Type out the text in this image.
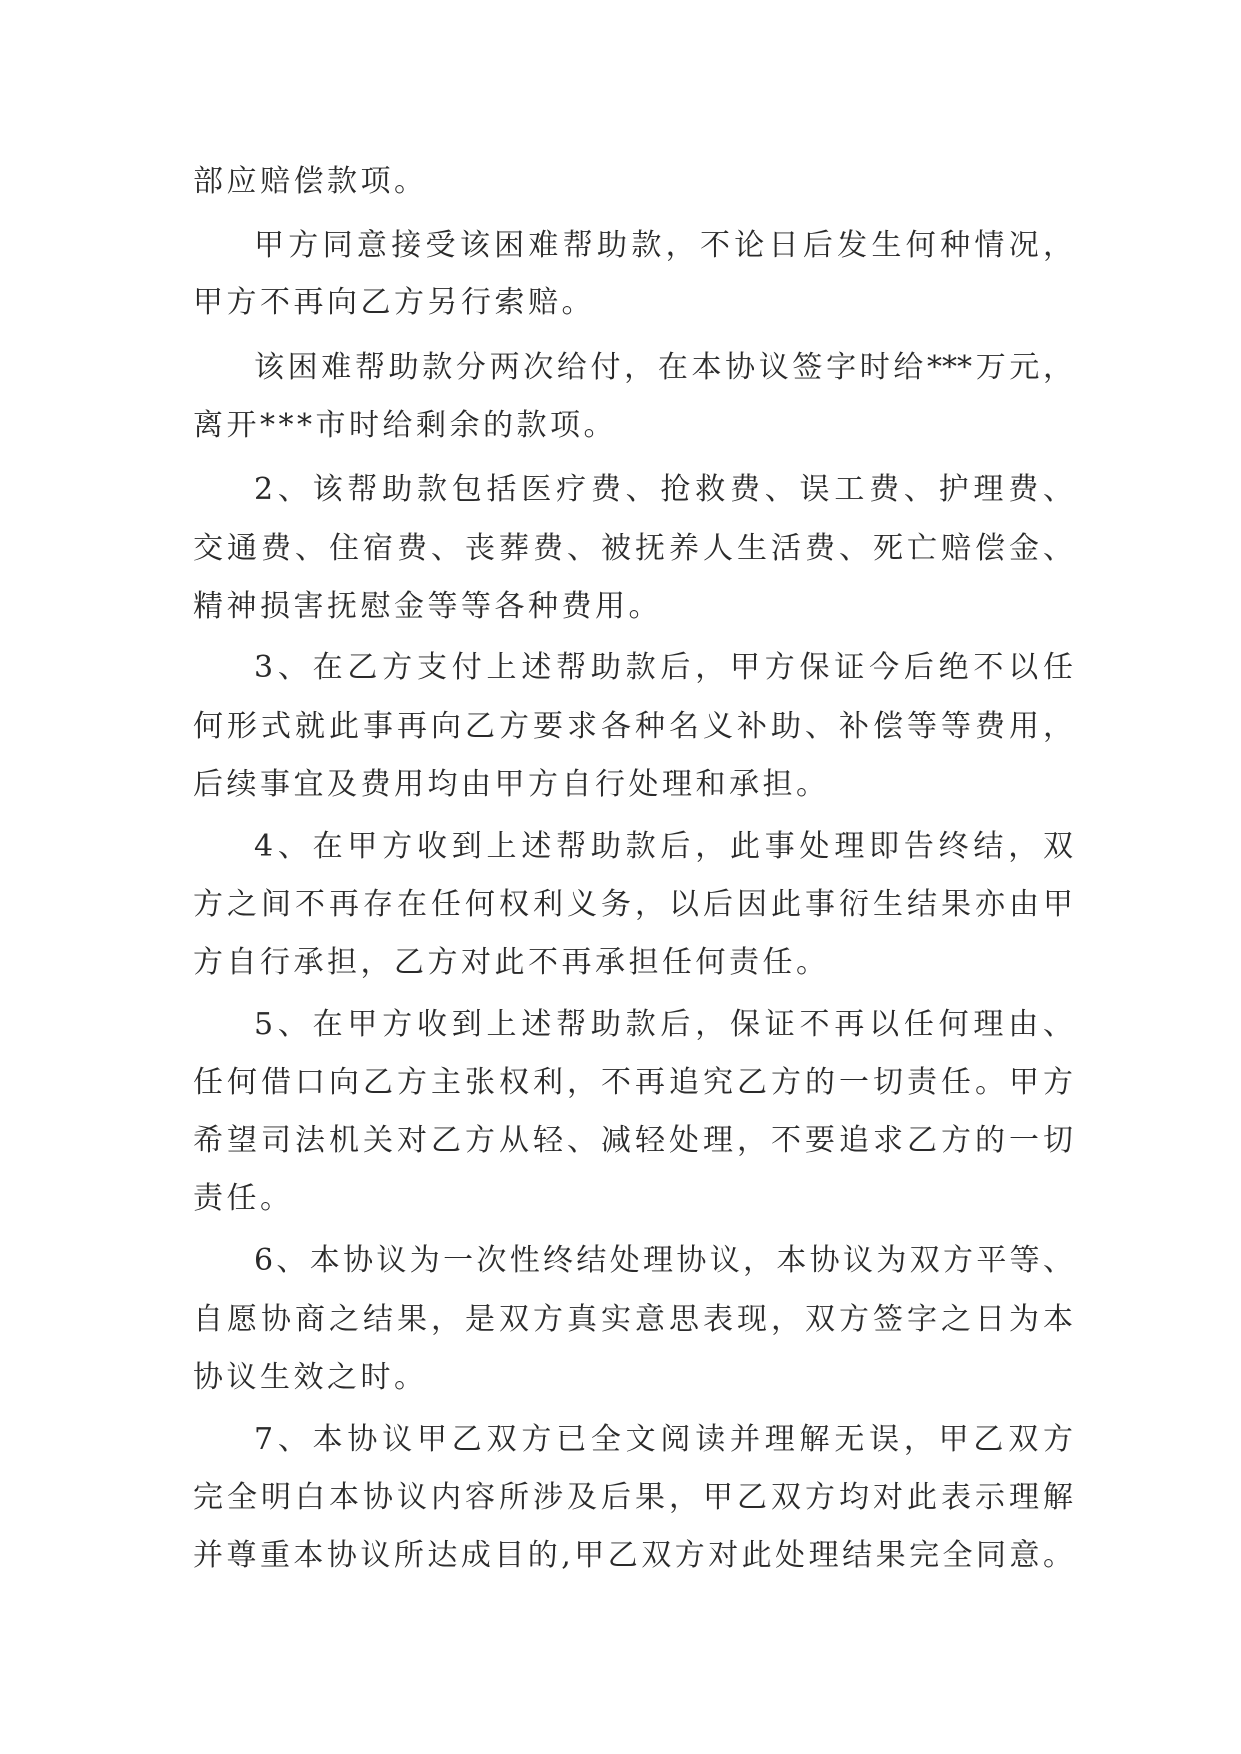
部应赔偿款项。
甲方同意接受该困难帮助款，不论日后发生何种情况，
甲方不再向乙方另行索赔。
该困难帮助款分两次给付，在本协议签字时给***万元，
离开***市时给剩余的款项。
2、该帮助款包括医疗费、抢救费、误工费、护理费、
交通费、住宿费、丧葬费、被抚养人生活费、死亡赔偿金、
精神损害抚慰金等等各种费用。
3、在乙方支付上述帮助款后，甲方保证今后绝不以任
何形式就此事再向乙方要求各种名义补助、补偿等等费用，
后续事宜及费用均由甲方自行处理和承担。
4、在甲方收到上述帮助款后，此事处理即告终结，双
方之间不再存在任何权利义务，以后因此事衍生结果亦由甲
方自行承担，乙方对此不再承担任何责任。
5、在甲方收到上述帮助款后，保证不再以任何理由、
任何借口向乙方主张权利，不再追究乙方的一切责任。甲方
希望司法机关对乙方从轻、减轻处理，不要追求乙方的一切
责任。
6、本协议为一次性终结处理协议，本协议为双方平等、
自愿协商之结果，是双方真实意思表现，双方签字之日为本
协议生效之时。
7、本协议甲乙双方已全文阅读并理解无误，甲乙双方
完全明白本协议内容所涉及后果，甲乙双方均对此表示理解
并尊重本协议所达成目的,甲乙双方对此处理结果完全同意。
